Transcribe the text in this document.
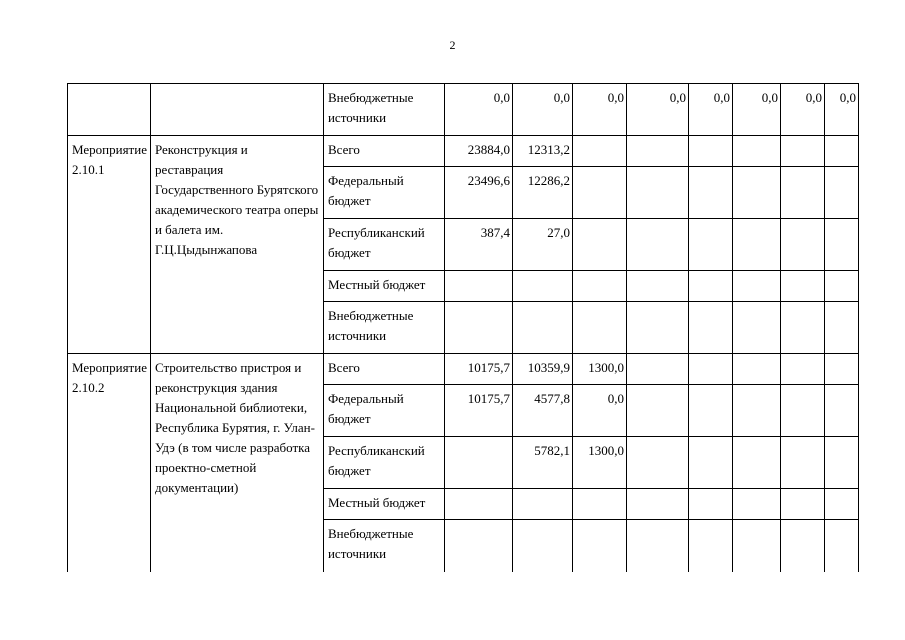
2
		Внебюджетные источники	0,0	0,0	0,0	0,0	0,0	0,0	0,0	0,0
Мероприятие 2.10.1	Реконструкция и реставрация Государственного Бурятского академического театра оперы и балета им. Г.Ц.Цыдынжапова	Всего	23884,0	12313,2						
		Федеральный бюджет	23496,6	12286,2						
		Республиканский бюджет	387,4	27,0						
		Местный бюджет								
		Внебюджетные источники								
Мероприятие 2.10.2	Строительство пристроя и реконструкция здания Национальной библиотеки, Республика Бурятия, г. Улан-Удэ (в том числе разработка проектно-сметной документации)	Всего	10175,7	10359,9	1300,0					
		Федеральный бюджет	10175,7	4577,8	0,0					
		Республиканский бюджет		5782,1	1300,0					
		Местный бюджет								
		Внебюджетные источники								
